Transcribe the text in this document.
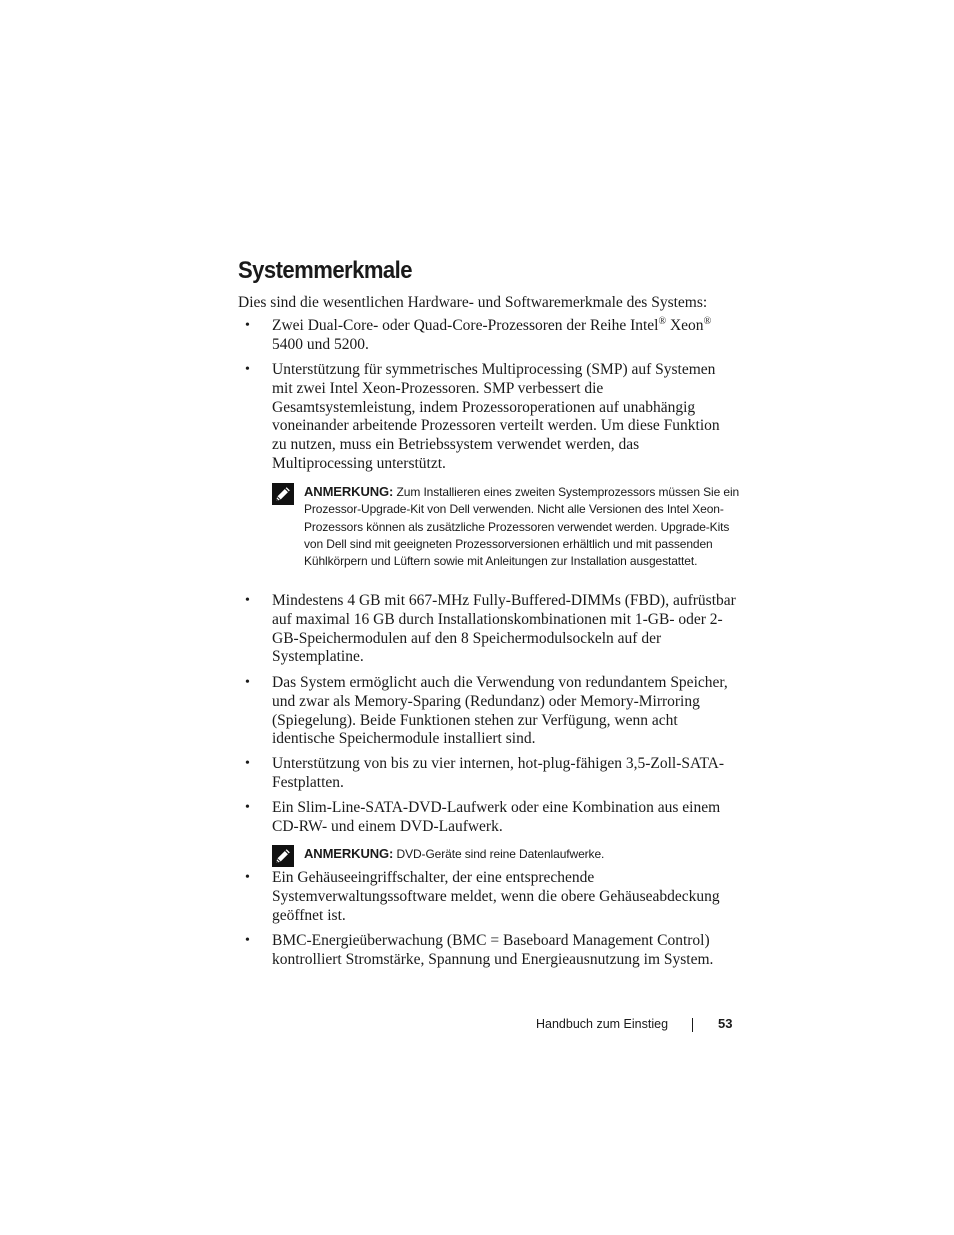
Systemmerkmale

Dies sind die wesentlichen Hardware- und Softwaremerkmale des Systems:

• Zwei Dual-Core- oder Quad-Core-Prozessoren der Reihe Intel® Xeon®
5400 und 5200.
• Unterstützung für symmetrisches Multiprocessing (SMP) auf Systemen mit zwei Intel Xeon-Prozessoren. SMP verbessert die Gesamtsystemleistung, indem Prozessoroperationen auf unabhängig voneinander arbeitende Prozessoren verteilt werden. Um diese Funktion zu nutzen, muss ein Betriebssystem verwendet werden, das Multiprocessing unterstützt.
ANMERKUNG: Zum Installieren eines zweiten Systemprozessors müssen Sie ein Prozessor-Upgrade-Kit von Dell verwenden. Nicht alle Versionen des Intel Xeon-Prozessors können als zusätzliche Prozessoren verwendet werden. Upgrade-Kits von Dell sind mit geeigneten Prozessorversionen erhältlich und mit passenden Kühlkörpern und Lüftern sowie mit Anleitungen zur Installation ausgestattet.
• Mindestens 4 GB mit 667-MHz Fully-Buffered-DIMMs (FBD), aufrüstbar auf maximal 16 GB durch Installationskombinationen mit 1-GB- oder 2-GB-Speichermodulen auf den 8 Speichermodulsockeln auf der Systemplatine.
• Das System ermöglicht auch die Verwendung von redundantem Speicher, und zwar als Memory-Sparing (Redundanz) oder Memory-Mirroring (Spiegelung). Beide Funktionen stehen zur Verfügung, wenn acht identische Speichermodule installiert sind.
• Unterstützung von bis zu vier internen, hot-plug-fähigen 3,5-Zoll-SATA-Festplatten.
• Ein Slim-Line-SATA-DVD-Laufwerk oder eine Kombination aus einem CD-RW- und einem DVD-Laufwerk.
ANMERKUNG: DVD-Geräte sind reine Datenlaufwerke.
• Ein Gehäuseeingriffschalter, der eine entsprechende Systemverwaltungssoftware meldet, wenn die obere Gehäuseabdeckung geöffnet ist.
• BMC-Energieüberwachung (BMC = Baseboard Management Control) kontrolliert Stromstärke, Spannung und Energieausnutzung im System.
Handbuch zum Einstieg	53
